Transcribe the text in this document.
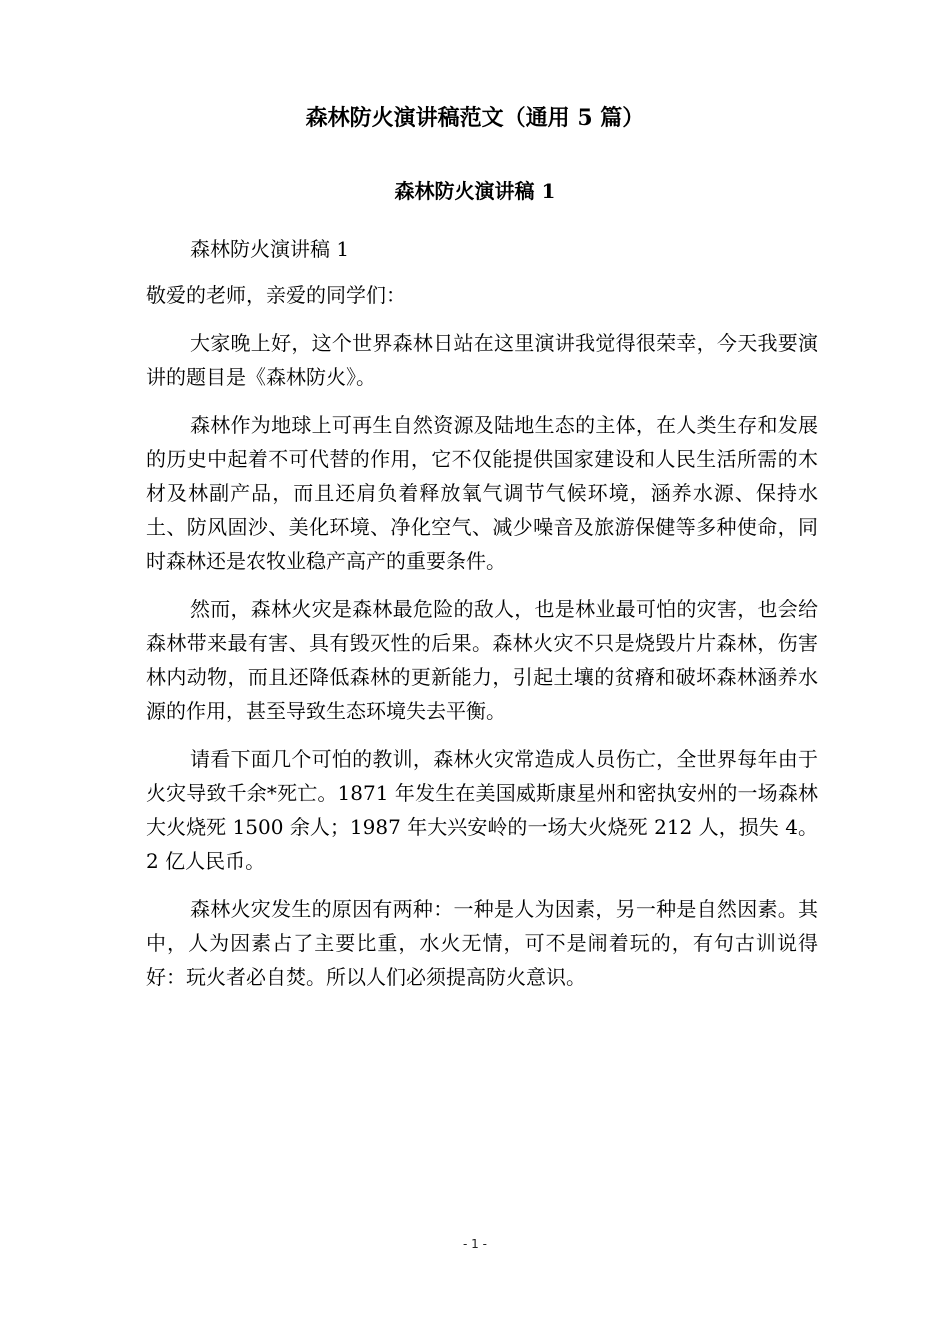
森林防火演讲稿范文（通用 5 篇）
森林防火演讲稿 1

森林防火演讲稿 1

敬爱的老师，亲爱的同学们：

大家晚上好，这个世界森林日站在这里演讲我觉得很荣幸，今天我要演讲的题目是《森林防火》。

森林作为地球上可再生自然资源及陆地生态的主体，在人类生存和发展的历史中起着不可代替的作用，它不仅能提供国家建设和人民生活所需的木材及林副产品，而且还肩负着释放氧气调节气候环境，涵养水源、保持水土、防风固沙、美化环境、净化空气、减少噪音及旅游保健等多种使命，同时森林还是农牧业稳产高产的重要条件。

然而，森林火灾是森林最危险的敌人，也是林业最可怕的灾害，也会给森林带来最有害、具有毁灭性的后果。森林火灾不只是烧毁片片森林，伤害林内动物，而且还降低森林的更新能力，引起土壤的贫瘠和破坏森林涵养水源的作用，甚至导致生态环境失去平衡。

请看下面几个可怕的教训，森林火灾常造成人员伤亡，全世界每年由于火灾导致千余*死亡。1871 年发生在美国威斯康星州和密执安州的一场森林大火烧死 1500 余人；1987 年大兴安岭的一场大火烧死 212 人，损失 4。2 亿人民币。

森林火灾发生的原因有两种：一种是人为因素，另一种是自然因素。其中，人为因素占了主要比重，水火无情，可不是闹着玩的，有句古训说得好：玩火者必自焚。所以人们必须提高防火意识。

- 1 -
